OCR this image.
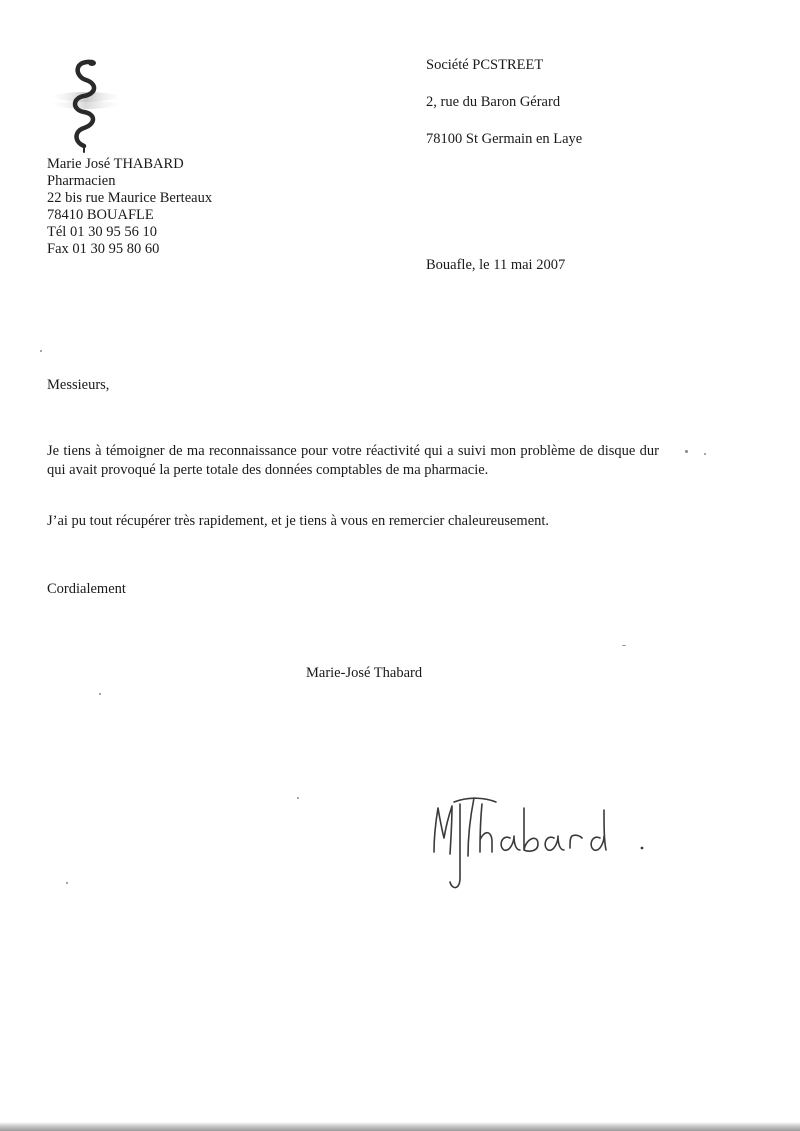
Marie José THABARD
Pharmacien
22 bis rue Maurice Berteaux
78410 BOUAFLE
Tél 01 30 95 56 10
Fax 01 30 95 80 60
Société PCSTREET
2, rue du Baron Gérard
78100 St Germain en Laye
Bouafle, le 11 mai 2007
Messieurs,
Je tiens à témoigner de ma reconnaissance pour votre réactivité qui a suivi mon problème de disque dur qui avait provoqué la perte totale des données comptables de ma pharmacie.
J’ai pu tout récupérer très rapidement, et je tiens à vous en remercier chaleureusement.
Cordialement
Marie-José Thabard
